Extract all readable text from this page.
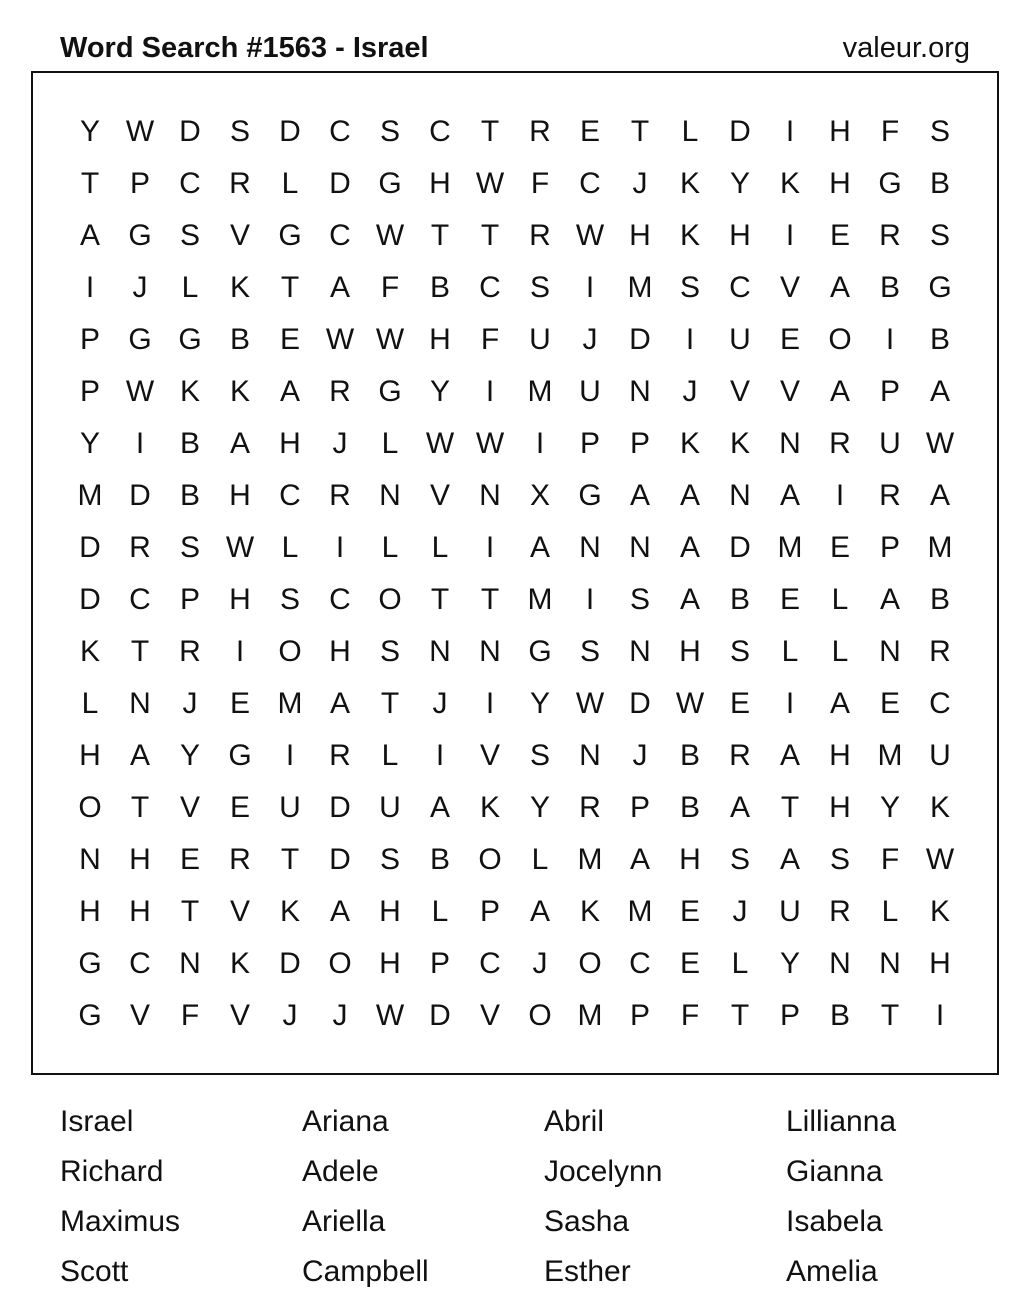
Word Search #1563 - Israel	valeur.org
Y W D S D C S C	T	R E	T	L	D	I	H	F	S
T	P C R	L	D G H W F	C	J	K Y K H G B
A G S V G C W T	T	R W H K H	I	E R S
I	J	L	K	T	A	F	B C S	I	M S C V A B G
P G G B E W W H	F	U	J	D	I	U E O	I	B
P W K K A R G Y	I	M U N	J	V V A P A
Y	I	B A H	J	L W W	I	P P K K N R U W
M D B H C R N V N X G A A N A	I	R A
D R S W L	I	L	L	I	A N N A D M E P M
D C P H S C O T	T M	I	S A B E	L	A B
K	T	R	I	O H S N N G S N H S	L	L	N R
L	N	J	E M A	T	J	I	Y W D W E	I	A E C
H A Y G	I	R	L	I	V S N	J	B R A H M U
O T	V E U D U A K Y R P B A	T	H Y K
N H E R	T	D S B O L M A H S A S	F W
H H	T	V K A H	L	P A K M E	J	U R	L	K
G C N K D O H P C	J	O C E	L	Y N N H
G V	F	V	J	J W D V O M P	F	T	P B	T	I
Israel	Ariana	Abril	Lillianna
Richard	Adele	Jocelynn	Gianna
Maximus	Ariella	Sasha	Isabela
Scott	Campbell	Esther	Amelia
